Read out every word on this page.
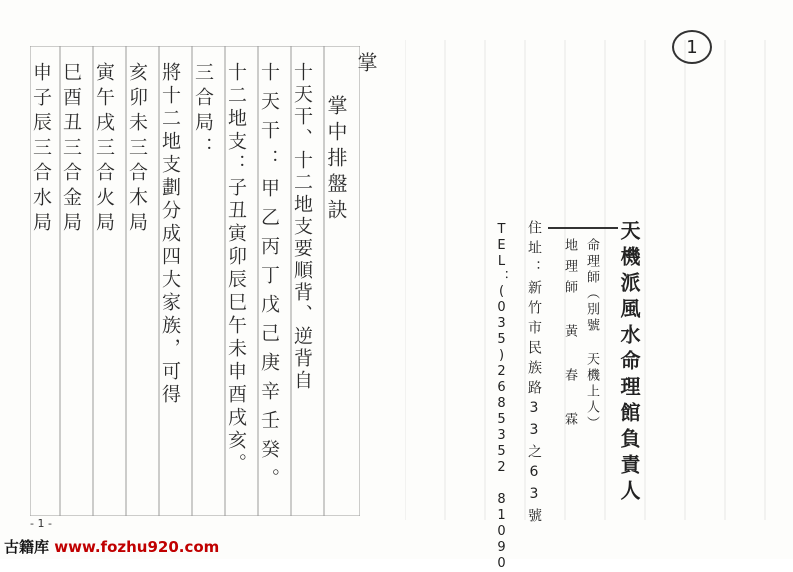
1
掌
掌中排盤訣
十天干、十二地支要順背、逆背自
十天干：甲乙丙丁戊己庚辛壬癸。
十二地支：子丑寅卯辰巳午未申酉戌亥。
三合局：
將十二地支劃分成四大家族，可得
亥卯未三合木局
寅午戌三合火局
巳酉丑三合金局
申子辰三合水局
天機派風水命理館負責人
命理師（別號 天機上人）
地理師 黃 春 霖
住址：新竹市民族路33之63號
TEL：(035)2685352 81090
- 1 -
古籍库 www.fozhu920.com
